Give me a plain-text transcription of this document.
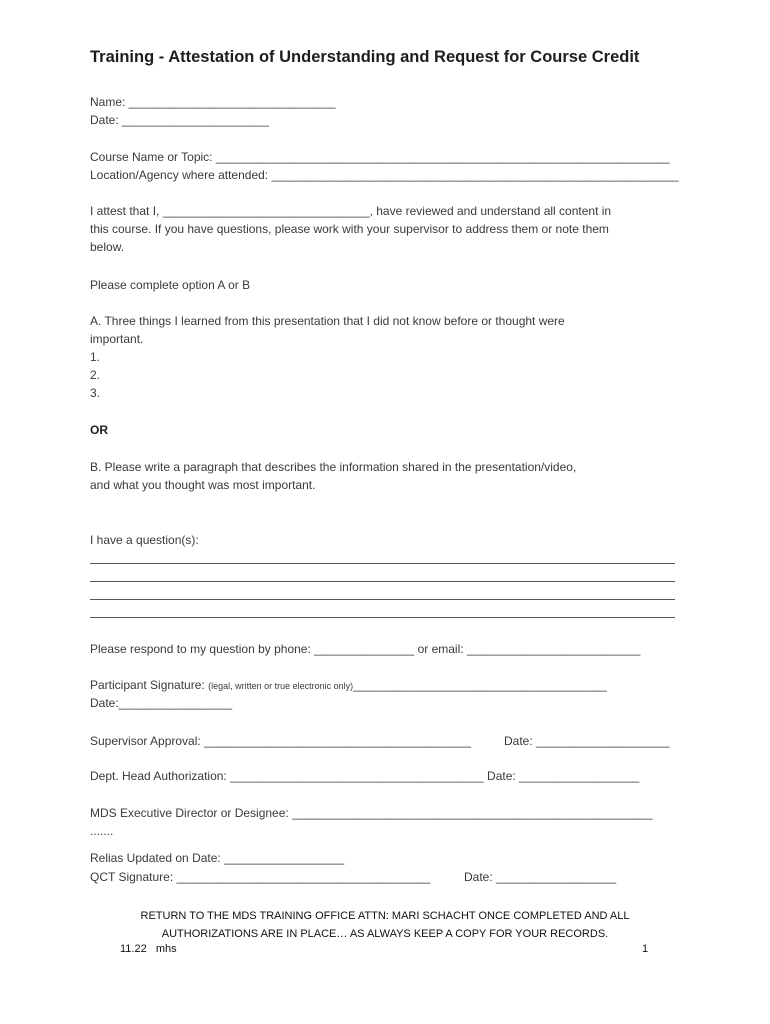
Training - Attestation of Understanding and Request for Course Credit
Name: _______________________________
Date: ______________________
Course Name or Topic: ____________________________________________________________________
Location/Agency where attended: _____________________________________________________________
I attest that I, _______________________________, have reviewed and understand all content in
this course. If you have questions, please work with your supervisor to address them or note them
below.
Please complete option A or B
A. Three things I learned from this presentation that I did not know before or thought were
important.
1.
2.
3.
OR
B. Please write a paragraph that describes the information shared in the presentation/video,
and what you thought was most important.
I have a question(s):
Please respond to my question by phone: _______________ or email: __________________________
Participant Signature: (legal, written or true electronic only)______________________________________
Date:_________________
Supervisor Approval: ________________________________________	Date: ____________________
Dept. Head Authorization: ______________________________________ Date: __________________
MDS Executive Director or Designee: ______________________________________________________
.......
Relias Updated on Date: __________________
QCT Signature: ______________________________________	Date: __________________
RETURN TO THE MDS TRAINING OFFICE ATTN: MARI SCHACHT ONCE COMPLETED AND ALL
AUTHORIZATIONS ARE IN PLACE… AS ALWAYS KEEP A COPY FOR YOUR RECORDS.
11.22   mhs	1
